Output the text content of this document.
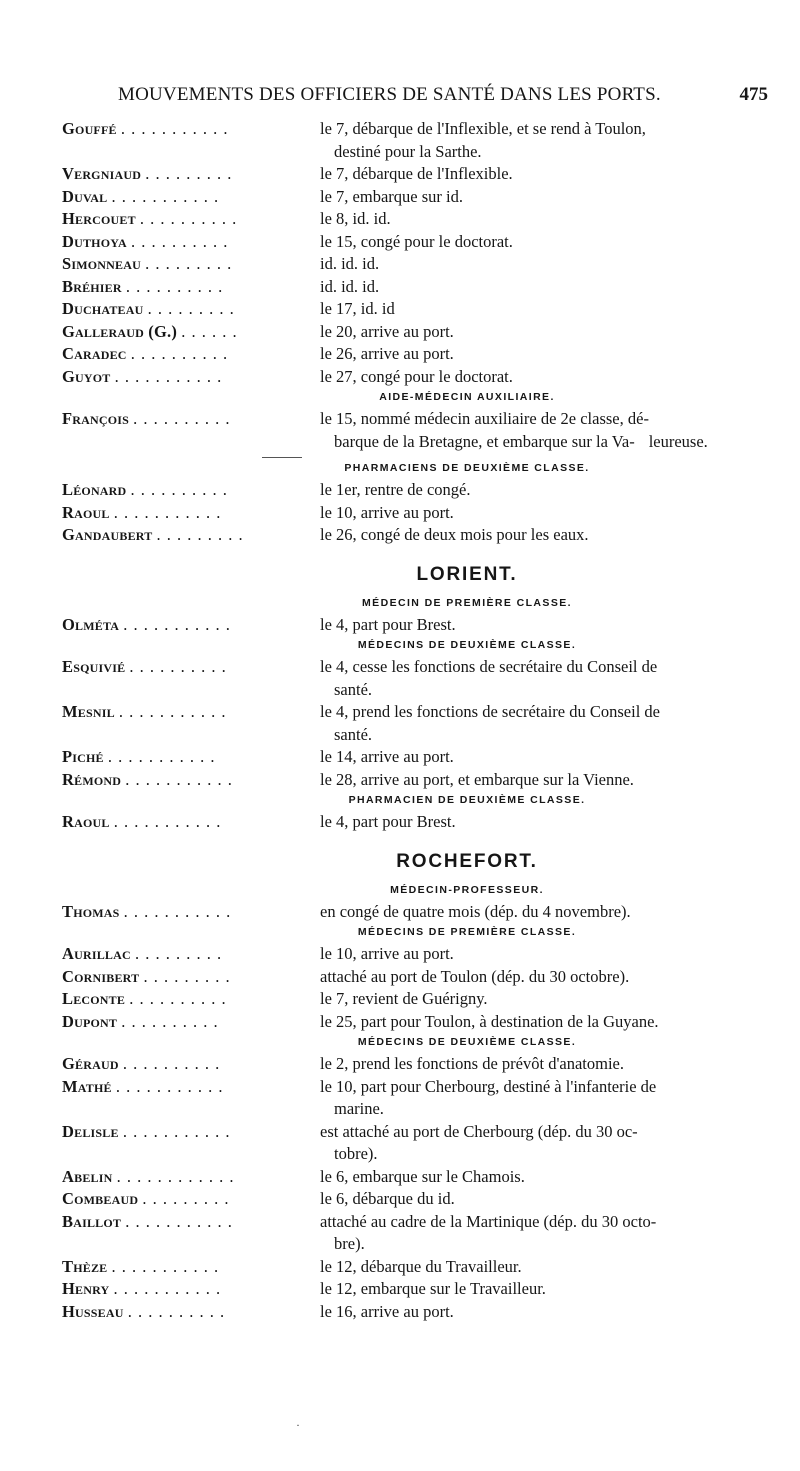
MOUVEMENTS DES OFFICIERS DE SANTÉ DANS LES PORTS.	475
Gouffé . . . . . . . . . . .	le 7, débarque de l'Inflexible, et se rend à Toulon,
destiné pour la Sarthe.
Vergniaud . . . . . . . . .	le 7, débarque de l'Inflexible.
Duval . . . . . . . . . . .	le 7, embarque sur id.
Hercouet . . . . . . . . . .	le 8, id. id.
Duthoya . . . . . . . . . .	le 15, congé pour le doctorat.
Simonneau . . . . . . . . .	id. id. id.
Bréhier . . . . . . . . . .	id. id. id.
Duchateau . . . . . . . . .	le 17, id. id
Galleraud (G.) . . . . . .	le 20, arrive au port.
Caradec . . . . . . . . . .	le 26, arrive au port.
Guyot . . . . . . . . . . .	le 27, congé pour le doctorat.
AIDE-MÉDECIN AUXILIAIRE.
François . . . . . . . . . .	le 15, nommé médecin auxiliaire de 2e classe, dé-
barque de la Bretagne, et embarque sur la Va- leureuse.
PHARMACIENS DE DEUXIÈME CLASSE.
Léonard . . . . . . . . . .	le 1er, rentre de congé.
Raoul . . . . . . . . . . .	le 10, arrive au port.
Gandaubert . . . . . . . . .	le 26, congé de deux mois pour les eaux.
LORIENT.
MÉDECIN DE PREMIÈRE CLASSE.
Olméta . . . . . . . . . . .	le 4, part pour Brest.
MÉDECINS DE DEUXIÈME CLASSE.
Esquivié . . . . . . . . . .	le 4, cesse les fonctions de secrétaire du Conseil de
santé.
Mesnil . . . . . . . . . . .	le 4, prend les fonctions de secrétaire du Conseil de
santé.
Piché . . . . . . . . . . .	le 14, arrive au port.
Rémond . . . . . . . . . . .	le 28, arrive au port, et embarque sur la Vienne.
PHARMACIEN DE DEUXIÈME CLASSE.
Raoul . . . . . . . . . . .	le 4, part pour Brest.
ROCHEFORT.
MÉDECIN-PROFESSEUR.
Thomas . . . . . . . . . . .	en congé de quatre mois (dép. du 4 novembre).
MÉDECINS DE PREMIÈRE CLASSE.
Aurillac . . . . . . . . .	le 10, arrive au port.
Cornibert . . . . . . . . .	attaché au port de Toulon (dép. du 30 octobre).
Leconte . . . . . . . . . .	le 7, revient de Guérigny.
Dupont . . . . . . . . . .	le 25, part pour Toulon, à destination de la Guyane.
MÉDECINS DE DEUXIÈME CLASSE.
Géraud . . . . . . . . . .	le 2, prend les fonctions de prévôt d'anatomie.
Mathé . . . . . . . . . . .	le 10, part pour Cherbourg, destiné à l'infanterie de
marine.
Delisle . . . . . . . . . . .	est attaché au port de Cherbourg (dép. du 30 oc-
tobre).
Abelin . . . . . . . . . . . .	le 6, embarque sur le Chamois.
Combeaud . . . . . . . . .	le 6, débarque du id.
Baillot . . . . . . . . . . .	attaché au cadre de la Martinique (dép. du 30 octo-
bre).
Thèze . . . . . . . . . . .	le 12, débarque du Travailleur.
Henry . . . . . . . . . . .	le 12, embarque sur le Travailleur.
Husseau . . . . . . . . . .	le 16, arrive au port.
·
